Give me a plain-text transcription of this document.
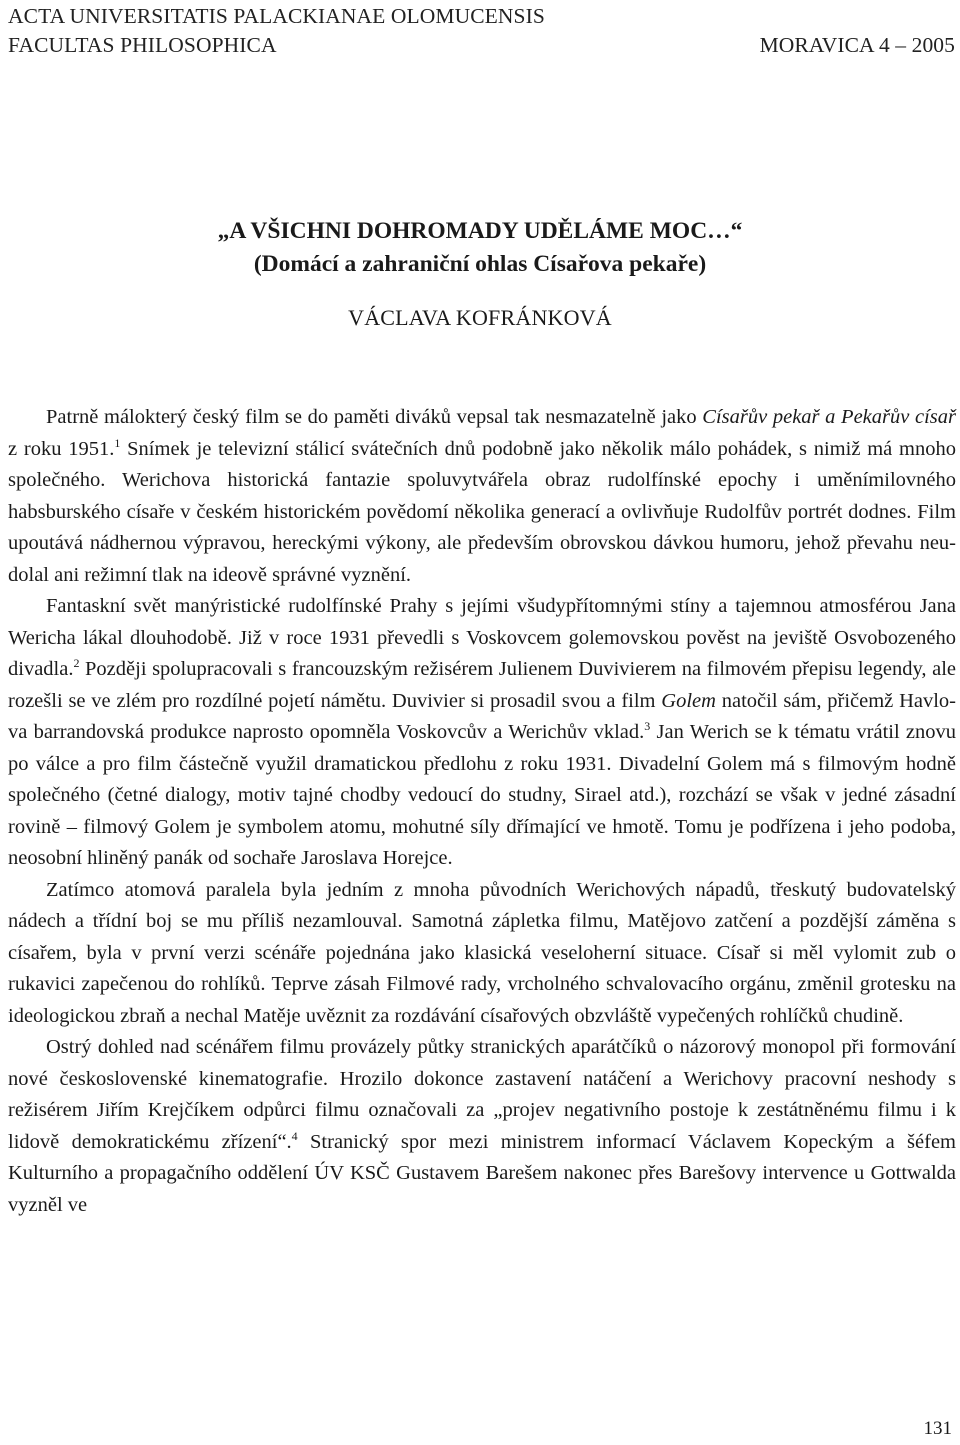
ACTA UNIVERSITATIS PALACKIANAE OLOMUCENSIS
FACULTAS PHILOSOPHICA	MORAVICA 4 – 2005
„A VŠICHNI DOHROMADY UDĚLÁME MOC…“
(Domácí a zahraniční ohlas Císařova pekaře)
VÁCLAVA KOFRÁNKOVÁ

Patrně málokterý český film se do paměti diváků vepsal tak nesmazatelně jako Císařův pekař a Pekařův císař z roku 1951.$^1$ Snímek je televizní stálicí svátečních dnů podobně jako několik málo pohádek, s nimiž má mnoho společného. Werichova historická fantazie spoluvytvářela obraz rudolfínské epochy i uměnímilovného habsburského císaře v českém historickém povědomí několika generací a ovlivňuje Rudolfův portrét dodnes. Film upoutává nádhernou výpravou, hereckými výkony, ale především obrovskou dávkou humoru, jehož převahu neudolal ani režimní tlak na ideově správné vyznění.

Fantaskní svět manýristické rudolfínské Prahy s jejími všudypřítomnými stíny a tajemnou atmosférou Jana Wericha lákal dlouhodobě. Již v roce 1931 převedli s Voskovcem golemovskou pověst na jeviště Osvobozeného divadla.$^2$ Později spolupracovali s francouzským režisérem Julienem Duvivierem na filmovém přepisu legendy, ale rozešli se ve zlém pro rozdílné pojetí námětu. Duvivier si prosadil svou a film Golem natočil sám, přičemž Havlova barrandovská produkce naprosto opomněla Voskovcův a Werichův vklad.$^3$ Jan Werich se k tématu vrátil znovu po válce a pro film částečně využil dramatickou předlohu z roku 1931. Divadelní Golem má s filmovým hodně společného (četné dialogy, motiv tajné chodby vedoucí do studny, Sirael atd.), rozchází se však v jedné zásadní rovině – filmový Golem je symbolem atomu, mohutné síly dřímající ve hmotě. Tomu je podřízena i jeho podoba, neosobní hliněný panák od sochaře Jaroslava Horejce.

Zatímco atomová paralela byla jedním z mnoha původních Werichových nápadů, třeskutý budovatelský nádech a třídní boj se mu příliš nezamlouval. Samotná zápletka filmu, Matějovo zatčení a pozdější záměna s císařem, byla v první verzi scénáře pojednána jako klasická veseloherní situace. Císař si měl vylomit zub o rukavici zapečenou do rohlíků. Teprve zásah Filmové rady, vrcholného schvalovacího orgánu, změnil grotesku na ideologickou zbraň a nechal Matěje uvěznit za rozdávání císařových obzvláště vypečených rohlíčků chudině.

Ostrý dohled nad scénářem filmu provázely půtky stranických aparátčíků o názorový monopol při formování nové československé kinematografie. Hrozilo dokonce zastavení natáčení a Werichovy pracovní neshody s režisérem Jiřím Krejčíkem odpůrci filmu označovali za „projev negativního postoje k zestátněnému filmu i k lidově demokratickému zřízení“.$^4$ Stranický spor mezi ministrem informací Václavem Kopeckým a šéfem Kulturního a propagačního oddělení ÚV KSČ Gustavem Barešem nakonec přes Barešovy intervence u Gottwalda vyzněl ve

131
